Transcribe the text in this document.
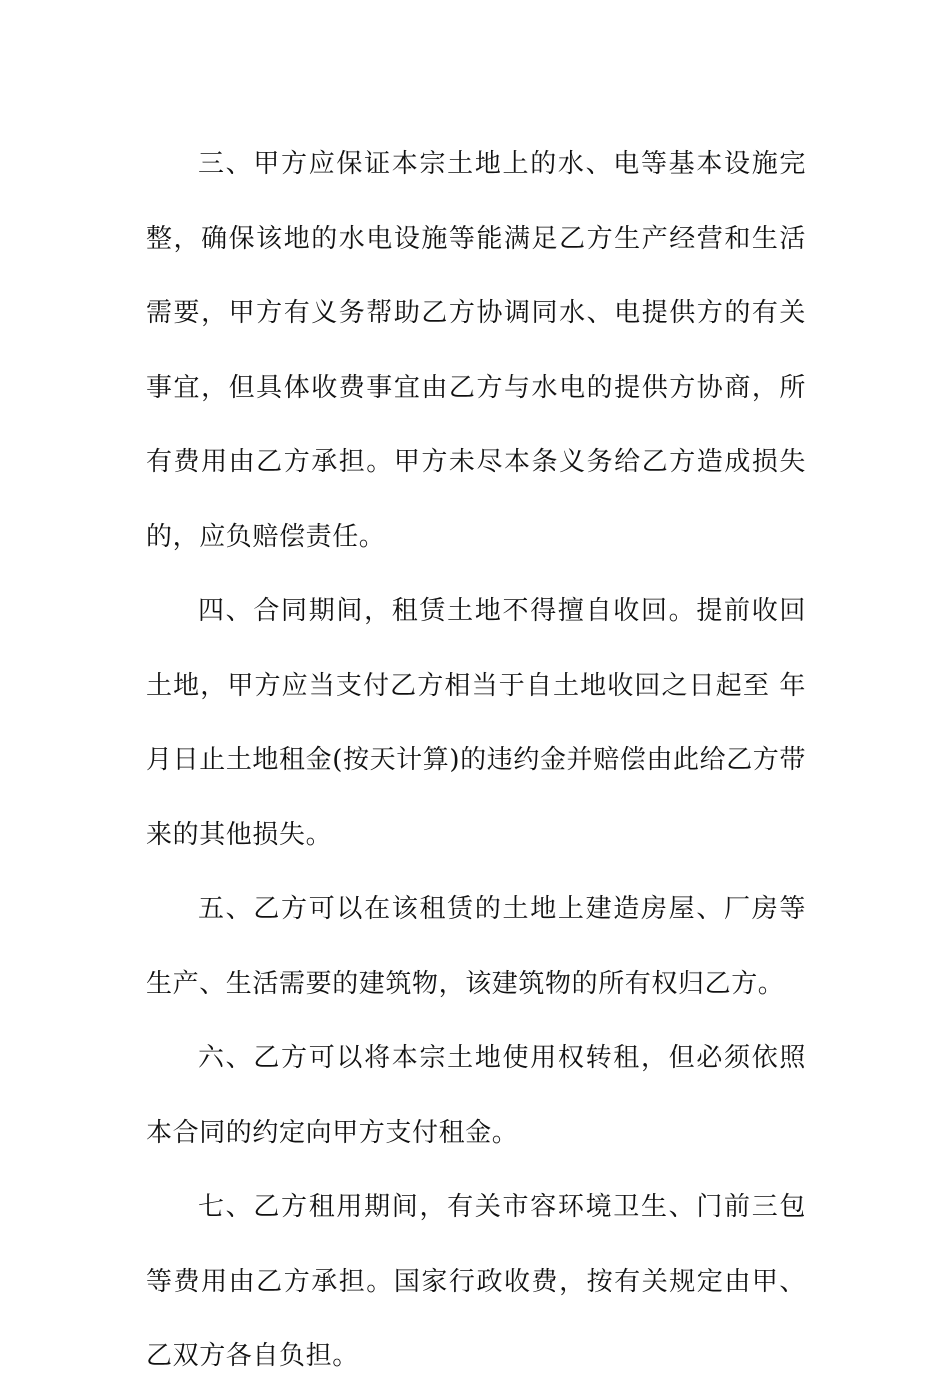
三、甲方应保证本宗土地上的水、电等基本设施完整，确保该地的水电设施等能满足乙方生产经营和生活需要，甲方有义务帮助乙方协调同水、电提供方的有关事宜，但具体收费事宜由乙方与水电的提供方协商，所有费用由乙方承担。甲方未尽本条义务给乙方造成损失的，应负赔偿责任。

四、合同期间，租赁土地不得擅自收回。提前收回土地，甲方应当支付乙方相当于自土地收回之日起至 年 月日止土地租金(按天计算)的违约金并赔偿由此给乙方带来的其他损失。

五、乙方可以在该租赁的土地上建造房屋、厂房等生产、生活需要的建筑物，该建筑物的所有权归乙方。

六、乙方可以将本宗土地使用权转租，但必须依照本合同的约定向甲方支付租金。

七、乙方租用期间，有关市容环境卫生、门前三包等费用由乙方承担。国家行政收费，按有关规定由甲、乙双方各自负担。
